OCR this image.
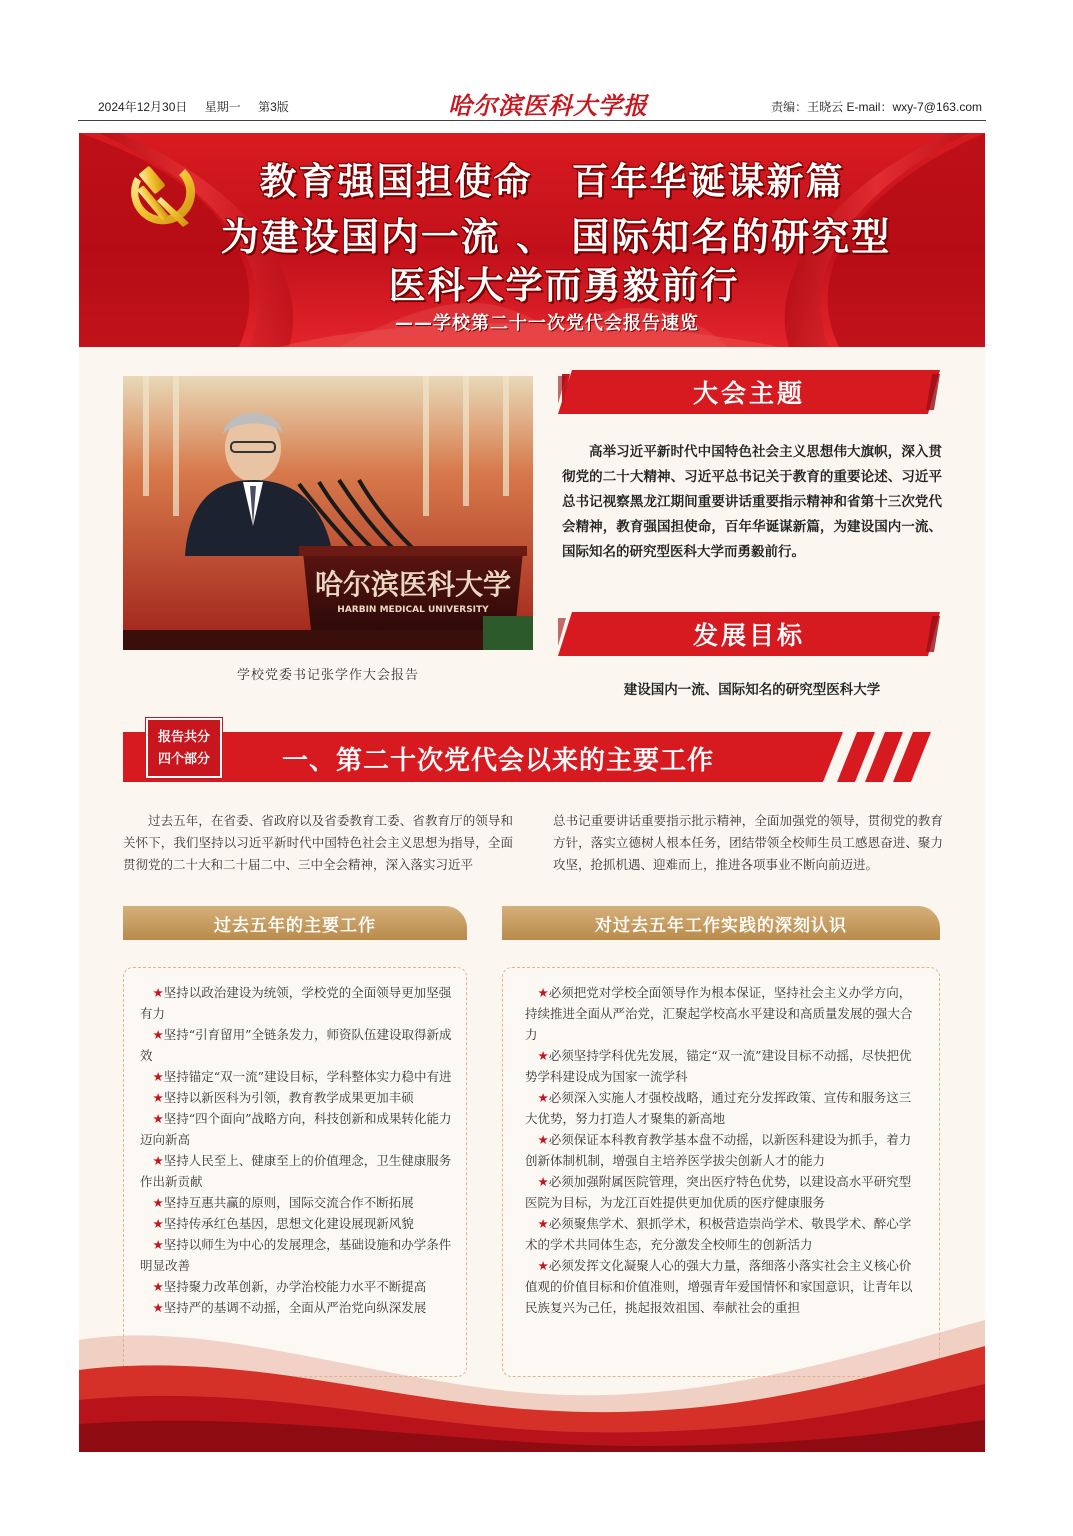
2024年12月30日 星期一 第3版	哈尔滨医科大学报	责编：王晓云 E-mail：wxy-7@163.com
教育强国担使命　百年华诞谋新篇
为建设国内一流 、 国际知名的研究型
医科大学而勇毅前行
——学校第二十一次党代会报告速览
哈尔滨医科大学
HARBIN MEDICAL UNIVERSITY
学校党委书记张学作大会报告
大会主题
高举习近平新时代中国特色社会主义思想伟大旗帜，深入贯彻党的二十大精神、习近平总书记关于教育的重要论述、习近平总书记视察黑龙江期间重要讲话重要指示精神和省第十三次党代会精神，教育强国担使命，百年华诞谋新篇，为建设国内一流、国际知名的研究型医科大学而勇毅前行。
发展目标
建设国内一流、国际知名的研究型医科大学
报告共分
四个部分	一、第二十次党代会以来的主要工作
过去五年，在省委、省政府以及省委教育工委、省教育厅的领导和关怀下，我们坚持以习近平新时代中国特色社会主义思想为指导，全面贯彻党的二十大和二十届二中、三中全会精神，深入落实习近平
总书记重要讲话重要指示批示精神，全面加强党的领导，贯彻党的教育方针，落实立德树人根本任务，团结带领全校师生员工感恩奋进、聚力攻坚，抢抓机遇、迎难而上，推进各项事业不断向前迈进。
过去五年的主要工作
★坚持以政治建设为统领，学校党的全面领导更加坚强有力
★坚持“引育留用”全链条发力，师资队伍建设取得新成效
★坚持锚定“双一流”建设目标，学科整体实力稳中有进
★坚持以新医科为引领，教育教学成果更加丰硕
★坚持“四个面向”战略方向，科技创新和成果转化能力迈向新高
★坚持人民至上、健康至上的价值理念，卫生健康服务作出新贡献
★坚持互惠共赢的原则，国际交流合作不断拓展
★坚持传承红色基因，思想文化建设展现新风貌
★坚持以师生为中心的发展理念，基础设施和办学条件明显改善
★坚持聚力改革创新，办学治校能力水平不断提高
★坚持严的基调不动摇，全面从严治党向纵深发展
对过去五年工作实践的深刻认识
★必须把党对学校全面领导作为根本保证，坚持社会主义办学方向，持续推进全面从严治党，汇聚起学校高水平建设和高质量发展的强大合力
★必须坚持学科优先发展，锚定“双一流”建设目标不动摇，尽快把优势学科建设成为国家一流学科
★必须深入实施人才强校战略，通过充分发挥政策、宣传和服务这三大优势，努力打造人才聚集的新高地
★必须保证本科教育教学基本盘不动摇，以新医科建设为抓手，着力创新体制机制，增强自主培养医学拔尖创新人才的能力
★必须加强附属医院管理，突出医疗特色优势，以建设高水平研究型医院为目标，为龙江百姓提供更加优质的医疗健康服务
★必须聚焦学术、狠抓学术，积极营造崇尚学术、敬畏学术、醉心学术的学术共同体生态，充分激发全校师生的创新活力
★必须发挥文化凝聚人心的强大力量，落细落小落实社会主义核心价值观的价值目标和价值准则，增强青年爱国情怀和家国意识，让青年以民族复兴为己任，挑起报效祖国、奉献社会的重担
